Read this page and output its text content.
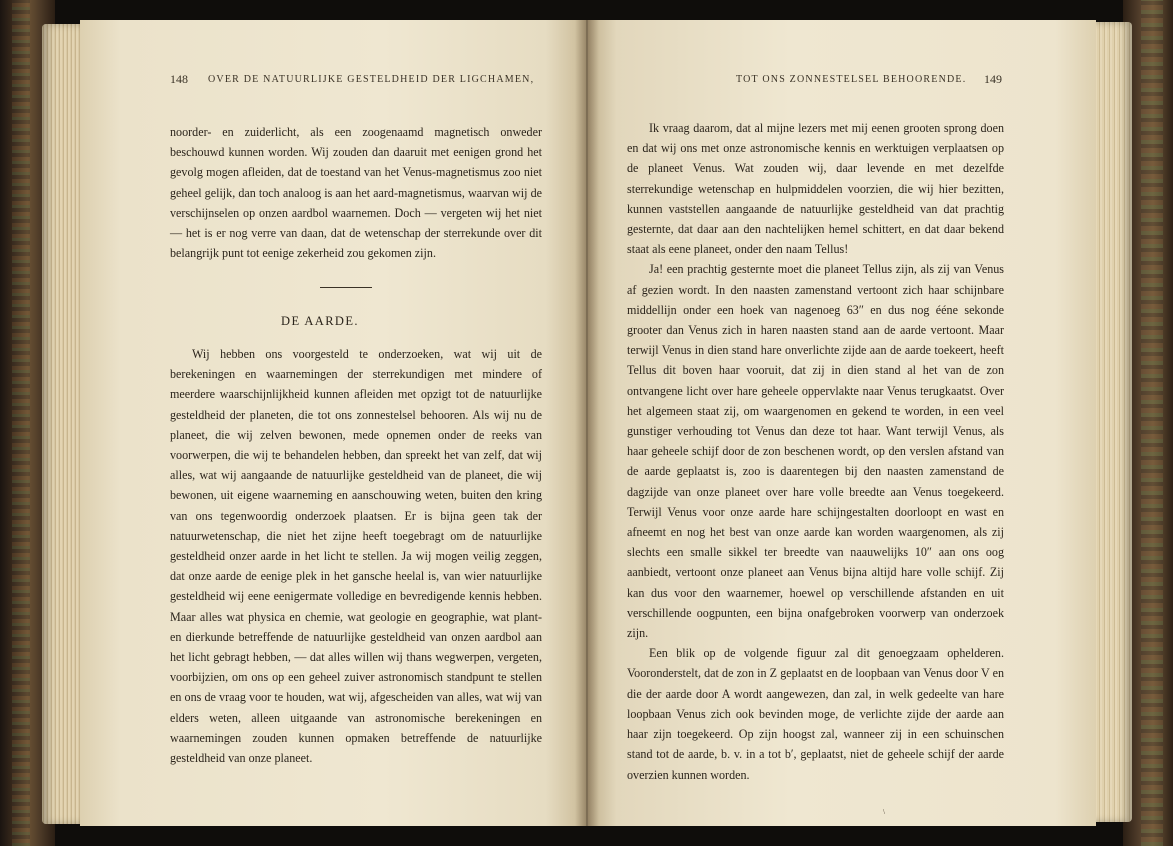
148 OVER DE NATUURLIJKE GESTELDHEID DER LIGCHAMEN,

noorder- en zuiderlicht, als een zoogenaamd magnetisch onweder beschouwd kunnen worden. Wij zouden dan daaruit met eenigen grond het gevolg mogen afleiden, dat de toestand van het Venus-magnetismus zoo niet geheel gelijk, dan toch analoog is aan het aard-magnetismus, waarvan wij de verschijnselen op onzen aardbol waarnemen. Doch — vergeten wij het niet — het is er nog verre van daan, dat de wetenschap der sterrekunde over dit belangrijk punt tot eenige zekerheid zou gekomen zijn.

DE AARDE.

Wij hebben ons voorgesteld te onderzoeken, wat wij uit de berekeningen en waarnemingen der sterrekundigen met mindere of meerdere waarschijnlijkheid kunnen afleiden met opzigt tot de natuurlijke gesteldheid der planeten, die tot ons zonnestelsel behooren. Als wij nu de planeet, die wij zelven bewonen, mede opnemen onder de reeks van voorwerpen, die wij te behandelen hebben, dan spreekt het van zelf, dat wij alles, wat wij aangaande de natuurlijke gesteldheid van de planeet, die wij bewonen, uit eigene waarneming en aanschouwing weten, buiten den kring van ons tegenwoordig onderzoek plaatsen. Er is bijna geen tak der natuurwetenschap, die niet het zijne heeft toegebragt om de natuurlijke gesteldheid onzer aarde in het licht te stellen. Ja wij mogen veilig zeggen, dat onze aarde de eenige plek in het gansche heelal is, van wier natuurlijke gesteldheid wij eene eenigermate volledige en bevredigende kennis hebben. Maar alles wat physica en chemie, wat geologie en geographie, wat plant- en dierkunde betreffende de natuurlijke gesteldheid van onzen aardbol aan het licht gebragt hebben, — dat alles willen wij thans wegwerpen, vergeten, voorbijzien, om ons op een geheel zuiver astronomisch standpunt te stellen en ons de vraag voor te houden, wat wij, afgescheiden van alles, wat wij van elders weten, alleen uitgaande van astronomische berekeningen en waarnemingen zouden kunnen opmaken betreffende de natuurlijke gesteldheid van onze planeet.

TOT ONS ZONNESTELSEL BEHOORENDE. 149

Ik vraag daarom, dat al mijne lezers met mij eenen grooten sprong doen en dat wij ons met onze astronomische kennis en werktuigen verplaatsen op de planeet Venus. Wat zouden wij, daar levende en met dezelfde sterrekundige wetenschap en hulpmiddelen voorzien, die wij hier bezitten, kunnen vaststellen aangaande de natuurlijke gesteldheid van dat prachtig gesternte, dat daar aan den nachtelijken hemel schittert, en dat daar bekend staat als eene planeet, onder den naam Tellus!

Ja! een prachtig gesternte moet die planeet Tellus zijn, als zij van Venus af gezien wordt. In den naasten zamenstand vertoont zich haar schijnbare middellijn onder een hoek van nagenoeg 63″ en dus nog ééne sekonde grooter dan Venus zich in haren naasten stand aan de aarde vertoont. Maar terwijl Venus in dien stand hare onverlichte zijde aan de aarde toekeert, heeft Tellus dit boven haar vooruit, dat zij in dien stand al het van de zon ontvangene licht over hare geheele oppervlakte naar Venus terugkaatst. Over het algemeen staat zij, om waargenomen en gekend te worden, in een veel gunstiger verhouding tot Venus dan deze tot haar. Want terwijl Venus, als haar geheele schijf door de zon beschenen wordt, op den verslen afstand van de aarde geplaatst is, zoo is daarentegen bij den naasten zamenstand de dagzijde van onze planeet over hare volle breedte aan Venus toegekeerd. Terwijl Venus voor onze aarde hare schijngestalten doorloopt en wast en afneemt en nog het best van onze aarde kan worden waargenomen, als zij slechts een smalle sikkel ter breedte van naauwelijks 10″ aan ons oog aanbiedt, vertoont onze planeet aan Venus bijna altijd hare volle schijf. Zij kan dus voor den waarnemer, hoewel op verschillende afstanden en uit verschillende oogpunten, een bijna onafgebroken voorwerp van onderzoek zijn.

Een blik op de volgende figuur zal dit genoegzaam ophelderen. Vooronderstelt, dat de zon in Z geplaatst en de loopbaan van Venus door V en die der aarde door A wordt aangewezen, dan zal, in welk gedeelte van hare loopbaan Venus zich ook bevinden moge, de verlichte zijde der aarde aan haar zijn toegekeerd. Op zijn hoogst zal, wanneer zij in een schuinschen stand tot de aarde, b. v. in a tot b′, geplaatst, niet de geheele schijf der aarde overzien kunnen worden.

\
